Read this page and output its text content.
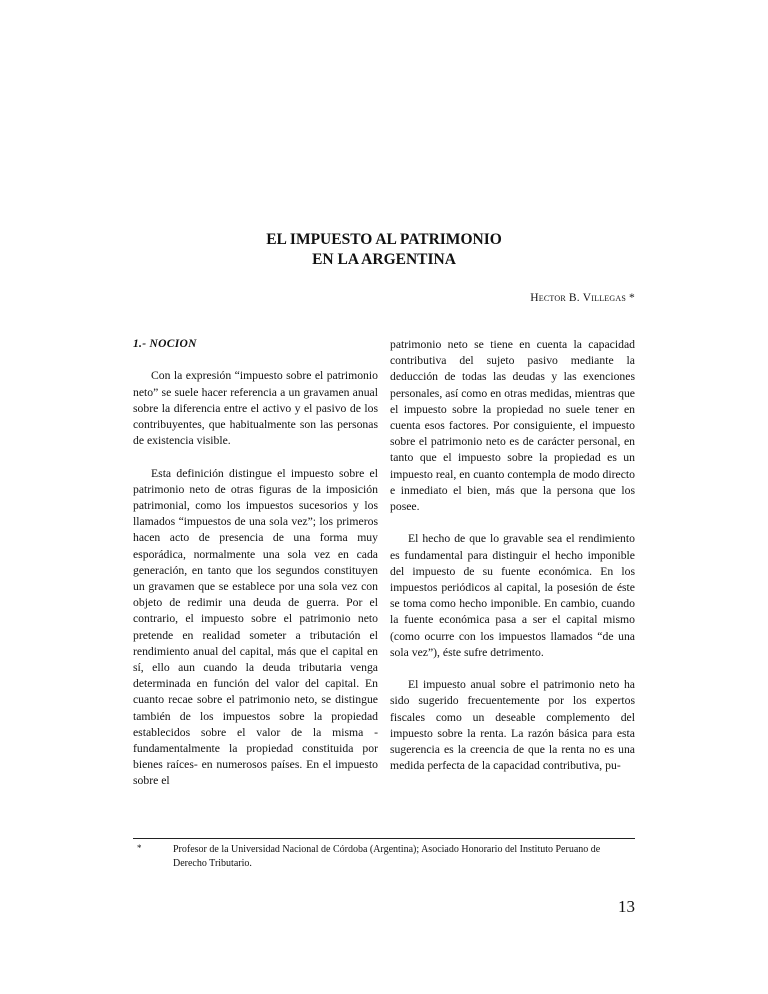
EL IMPUESTO AL PATRIMONIO
EN LA ARGENTINA
Hector B. Villegas *
1.- NOCION

Con la expresión “impuesto sobre el patrimonio neto” se suele hacer referencia a un gravamen anual sobre la diferencia entre el activo y el pasivo de los contribuyentes, que habitualmente son las personas de existencia visible.

Esta definición distingue el impuesto sobre el patrimonio neto de otras figuras de la imposición patrimonial, como los impuestos sucesorios y los llamados “impuestos de una sola vez”; los primeros hacen acto de presencia de una forma muy esporádica, normalmente una sola vez en cada generación, en tanto que los segundos constituyen un gravamen que se establece por una sola vez con objeto de redimir una deuda de guerra. Por el contrario, el impuesto sobre el patrimonio neto pretende en realidad someter a tributación el rendimiento anual del capital, más que el capital en sí, ello aun cuando la deuda tributaria venga determinada en función del valor del capital. En cuanto recae sobre el patrimonio neto, se distingue también de los impuestos sobre la propiedad establecidos sobre el valor de la misma -fundamentalmente la propiedad constituida por bienes raíces- en numerosos países. En el impuesto sobre el

patrimonio neto se tiene en cuenta la capacidad contributiva del sujeto pasivo mediante la deducción de todas las deudas y las exenciones personales, así como en otras medidas, mientras que el impuesto sobre la propiedad no suele tener en cuenta esos factores. Por consiguiente, el impuesto sobre el patrimonio neto es de carácter personal, en tanto que el impuesto sobre la propiedad es un impuesto real, en cuanto contempla de modo directo e inmediato el bien, más que la persona que los posee.

El hecho de que lo gravable sea el rendimiento es fundamental para distinguir el hecho imponible del impuesto de su fuente económica. En los impuestos periódicos al capital, la posesión de éste se toma como hecho imponible. En cambio, cuando la fuente económica pasa a ser el capital mismo (como ocurre con los impuestos llamados “de una sola vez”), éste sufre detrimento.

El impuesto anual sobre el patrimonio neto ha sido sugerido frecuentemente por los expertos fiscales como un deseable complemento del impuesto sobre la renta. La razón básica para esta sugerencia es la creencia de que la renta no es una medida perfecta de la capacidad contributiva, pu-

*	Profesor de la Universidad Nacional de Córdoba (Argentina); Asociado Honorario del Instituto Peruano de Derecho Tributario.
13
